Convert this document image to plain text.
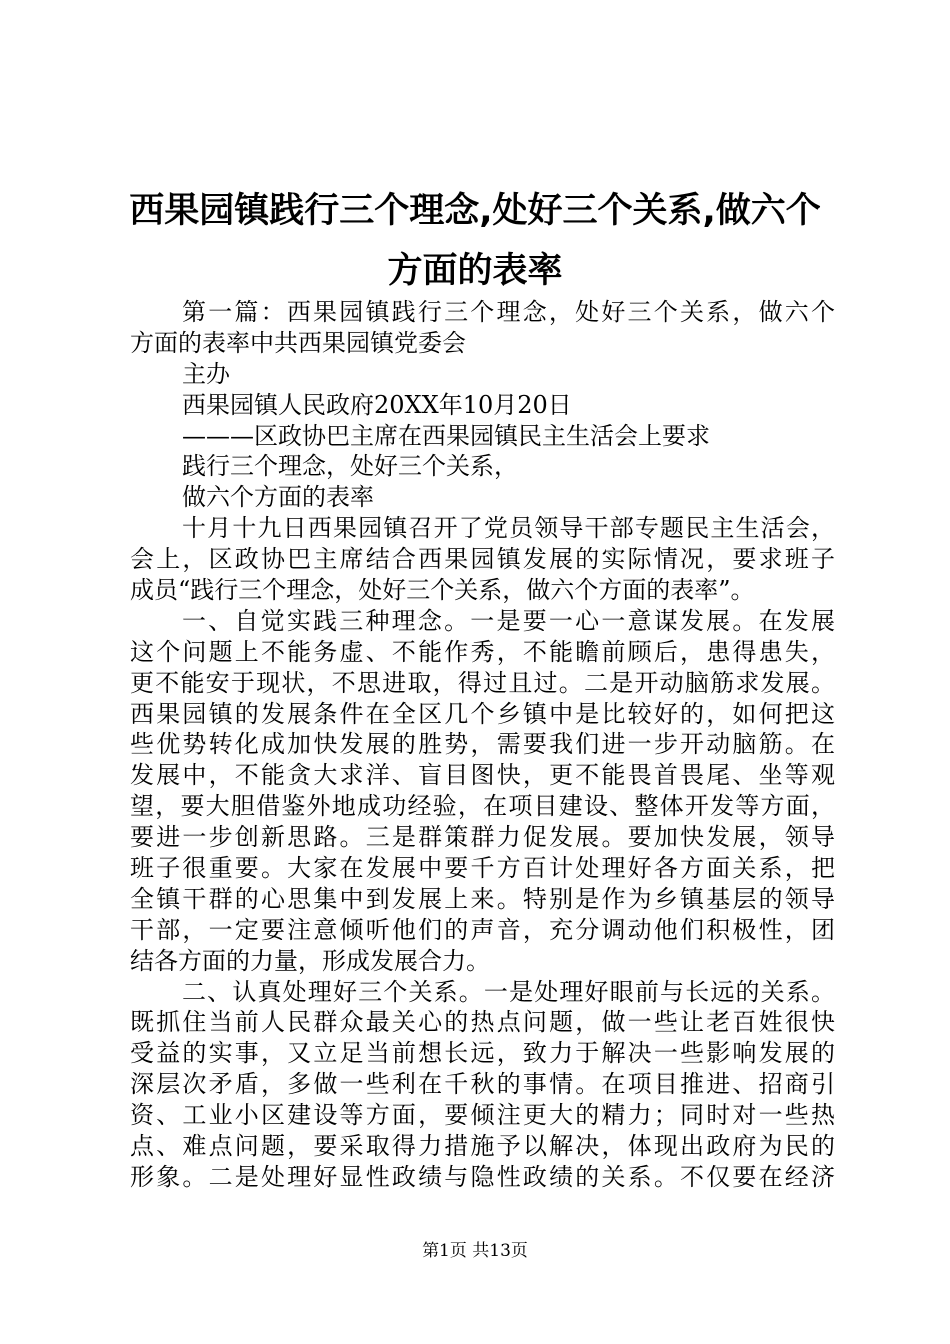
西果园镇践行三个理念,处好三个关系,做六个
方面的表率
第一篇：西果园镇践行三个理念，处好三个关系，做六个
方面的表率中共西果园镇党委会
主办
西果园镇人民政府20XX年10月20日
———区政协巴主席在西果园镇民主生活会上要求
践行三个理念，处好三个关系，
做六个方面的表率
十月十九日西果园镇召开了党员领导干部专题民主生活会，
会上，区政协巴主席结合西果园镇发展的实际情况，要求班子
成员“践行三个理念，处好三个关系，做六个方面的表率”。
一、自觉实践三种理念。一是要一心一意谋发展。在发展
这个问题上不能务虚、不能作秀，不能瞻前顾后，患得患失，
更不能安于现状，不思进取，得过且过。二是开动脑筋求发展。
西果园镇的发展条件在全区几个乡镇中是比较好的，如何把这
些优势转化成加快发展的胜势，需要我们进一步开动脑筋。在
发展中，不能贪大求洋、盲目图快，更不能畏首畏尾、坐等观
望，要大胆借鉴外地成功经验，在项目建设、整体开发等方面，
要进一步创新思路。三是群策群力促发展。要加快发展，领导
班子很重要。大家在发展中要千方百计处理好各方面关系，把
全镇干群的心思集中到发展上来。特别是作为乡镇基层的领导
干部，一定要注意倾听他们的声音，充分调动他们积极性，团
结各方面的力量，形成发展合力。
二、认真处理好三个关系。一是处理好眼前与长远的关系。
既抓住当前人民群众最关心的热点问题，做一些让老百姓很快
受益的实事，又立足当前想长远，致力于解决一些影响发展的
深层次矛盾，多做一些利在千秋的事情。在项目推进、招商引
资、工业小区建设等方面，要倾注更大的精力；同时对一些热
点、难点问题，要采取得力措施予以解决，体现出政府为民的
形象。二是处理好显性政绩与隐性政绩的关系。不仅要在经济
第1页 共13页
